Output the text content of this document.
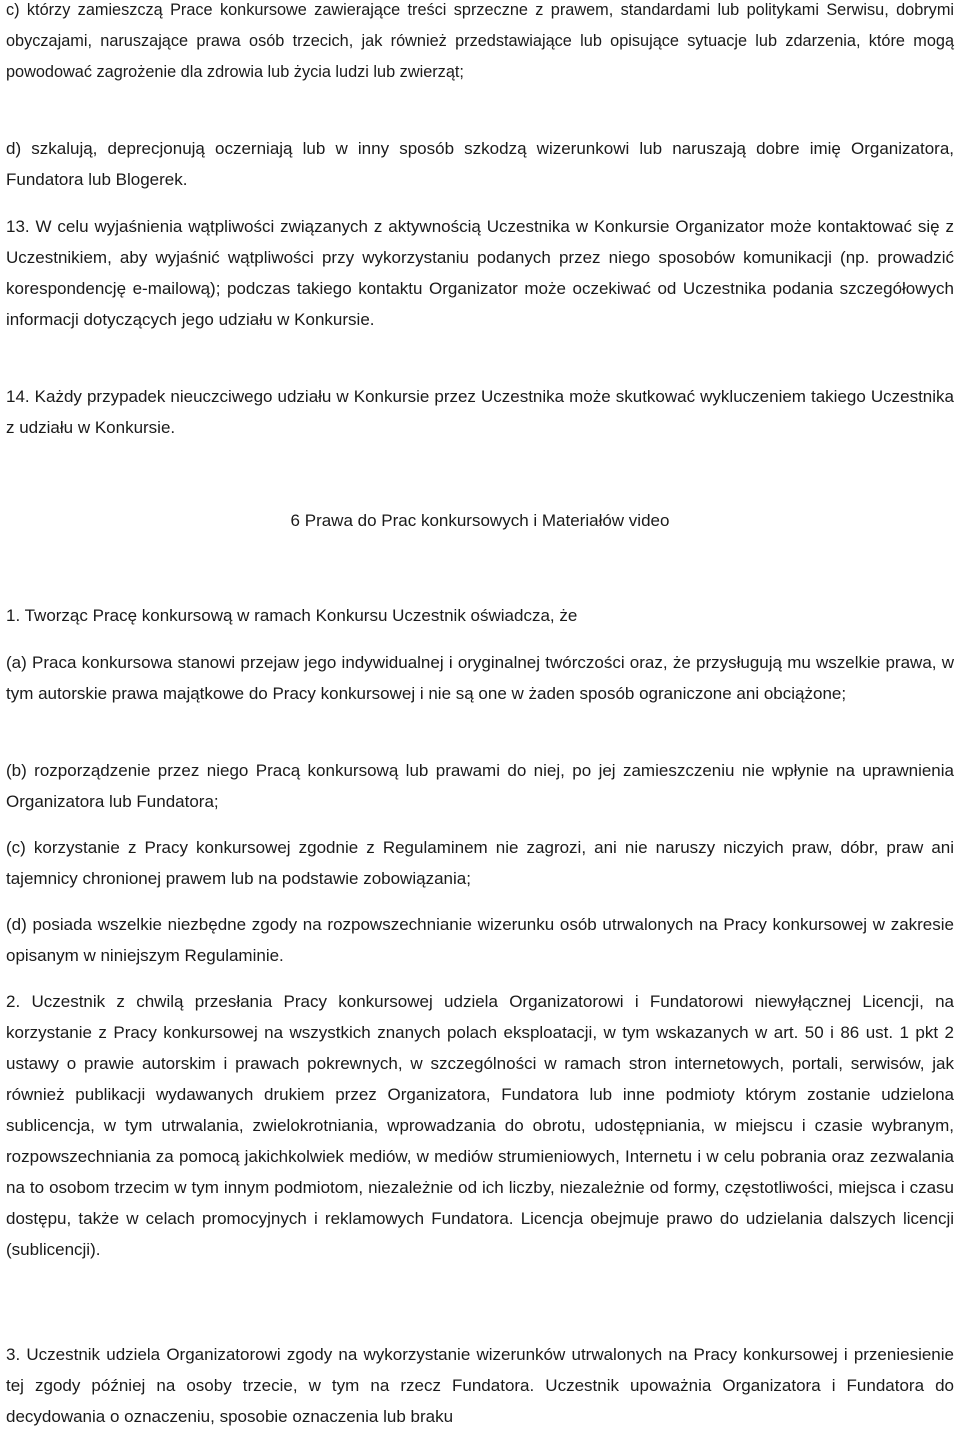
c) którzy zamieszczą Prace konkursowe zawierające treści sprzeczne z prawem, standardami lub politykami Serwisu, dobrymi obyczajami, naruszające prawa osób trzecich, jak również przedstawiające lub opisujące sytuacje lub zdarzenia, które mogą powodować zagrożenie dla zdrowia lub życia ludzi lub zwierząt;

d) szkalują, deprecjonują oczerniają lub w inny sposób szkodzą wizerunkowi lub naruszają dobre imię Organizatora, Fundatora lub Blogerek.

13. W celu wyjaśnienia wątpliwości związanych z aktywnością Uczestnika w Konkursie Organizator może kontaktować się z Uczestnikiem, aby wyjaśnić wątpliwości przy wykorzystaniu podanych przez niego sposobów komunikacji (np. prowadzić korespondencję e-mailową); podczas takiego kontaktu Organizator może oczekiwać od Uczestnika podania szczegółowych informacji dotyczących jego udziału w Konkursie.

14. Każdy przypadek nieuczciwego udziału w Konkursie przez Uczestnika może skutkować wykluczeniem takiego Uczestnika z udziału w Konkursie.

6 Prawa do Prac konkursowych i Materiałów video

1. Tworząc Pracę konkursową w ramach Konkursu Uczestnik oświadcza, że

(a) Praca konkursowa stanowi przejaw jego indywidualnej i oryginalnej twórczości oraz, że przysługują mu wszelkie prawa, w tym autorskie prawa majątkowe do Pracy konkursowej i nie są one w żaden sposób ograniczone ani obciążone;

(b) rozporządzenie przez niego Pracą konkursową lub prawami do niej, po jej zamieszczeniu nie wpłynie na uprawnienia Organizatora lub Fundatora;

(c) korzystanie z Pracy konkursowej zgodnie z Regulaminem nie zagrozi, ani nie naruszy niczyich praw, dóbr, praw ani tajemnicy chronionej prawem lub na podstawie zobowiązania;

(d) posiada wszelkie niezbędne zgody na rozpowszechnianie wizerunku osób utrwalonych na Pracy konkursowej w zakresie opisanym w niniejszym Regulaminie.

2. Uczestnik z chwilą przesłania Pracy konkursowej udziela Organizatorowi i Fundatorowi niewyłącznej Licencji, na korzystanie z Pracy konkursowej na wszystkich znanych polach eksploatacji, w tym wskazanych w art. 50 i 86 ust. 1 pkt 2 ustawy o prawie autorskim i prawach pokrewnych, w szczególności w ramach stron internetowych, portali, serwisów, jak również publikacji wydawanych drukiem przez Organizatora, Fundatora lub inne podmioty którym zostanie udzielona sublicencja, w tym utrwalania, zwielokrotniania, wprowadzania do obrotu, udostępniania, w miejscu i czasie wybranym, rozpowszechniania za pomocą jakichkolwiek mediów, w mediów strumieniowych, Internetu i w celu pobrania oraz zezwalania na to osobom trzecim w tym innym podmiotom, niezależnie od ich liczby, niezależnie od formy, częstotliwości, miejsca i czasu dostępu, także w celach promocyjnych i reklamowych Fundatora. Licencja obejmuje prawo do udzielania dalszych licencji (sublicencji).

3. Uczestnik udziela Organizatorowi zgody na wykorzystanie wizerunków utrwalonych na Pracy konkursowej i przeniesienie tej zgody później na osoby trzecie, w tym na rzecz Fundatora. Uczestnik upoważnia Organizatora i Fundatora do decydowania o oznaczeniu, sposobie oznaczenia lub braku
